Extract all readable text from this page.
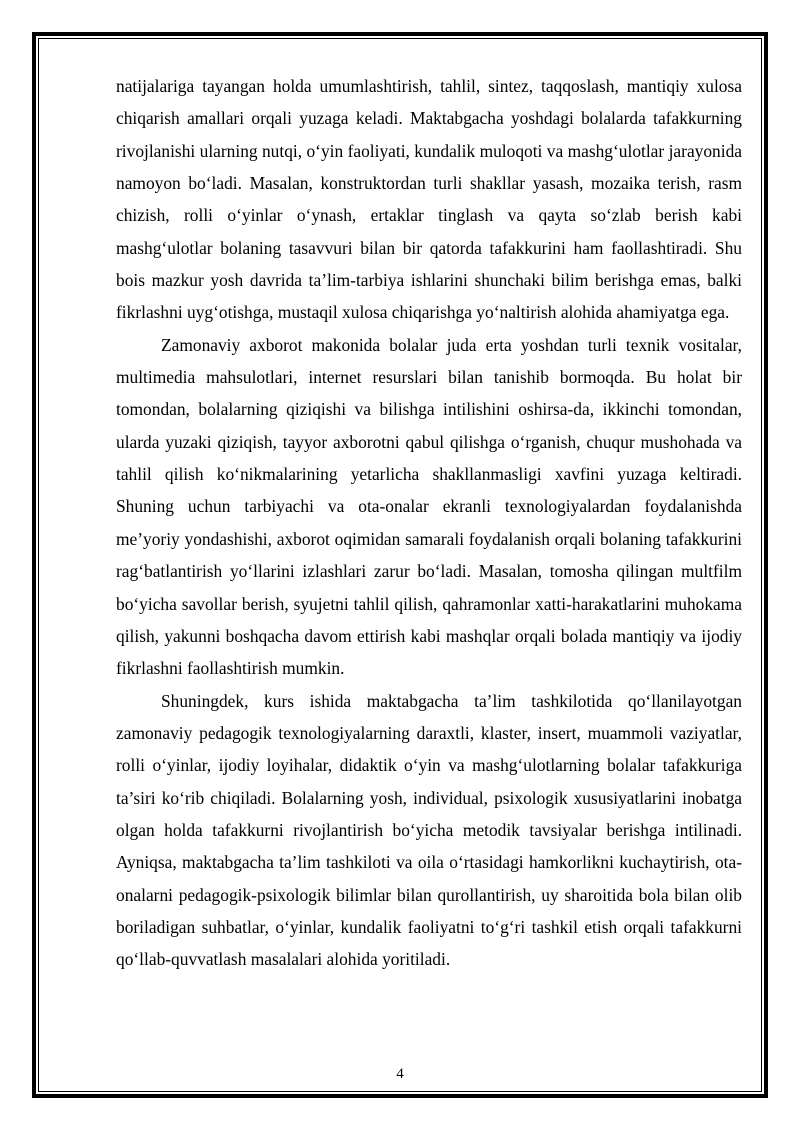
natijalariga tayangan holda umumlashtirish, tahlil, sintez, taqqoslash, mantiqiy xulosa chiqarish amallari orqali yuzaga keladi. Maktabgacha yoshdagi bolalarda tafakkurning rivojlanishi ularning nutqi, o‘yin faoliyati, kundalik muloqoti va mashg‘ulotlar jarayonida namoyon bo‘ladi. Masalan, konstruktordan turli shakllar yasash, mozaika terish, rasm chizish, rolli o‘yinlar o‘ynash, ertaklar tinglash va qayta so‘zlab berish kabi mashg‘ulotlar bolaning tasavvuri bilan bir qatorda tafakkurini ham faollashtiradi. Shu bois mazkur yosh davrida ta’lim-tarbiya ishlarini shunchaki bilim berishga emas, balki fikrlashni uyg‘otishga, mustaqil xulosa chiqarishga yo‘naltirish alohida ahamiyatga ega.

Zamonaviy axborot makonida bolalar juda erta yoshdan turli texnik vositalar, multimedia mahsulotlari, internet resurslari bilan tanishib bormoqda. Bu holat bir tomondan, bolalarning qiziqishi va bilishga intilishini oshirsa-da, ikkinchi tomondan, ularda yuzaki qiziqish, tayyor axborotni qabul qilishga o‘rganish, chuqur mushohada va tahlil qilish ko‘nikmalarining yetarlicha shakllanmasligi xavfini yuzaga keltiradi. Shuning uchun tarbiyachi va ota-onalar ekranli texnologiyalardan foydalanishda me’yoriy yondashishi, axborot oqimidan samarali foydalanish orqali bolaning tafakkurini rag‘batlantirish yo‘llarini izlashlari zarur bo‘ladi. Masalan, tomosha qilingan multfilm bo‘yicha savollar berish, syujetni tahlil qilish, qahramonlar xatti-harakatlarini muhokama qilish, yakunni boshqacha davom ettirish kabi mashqlar orqali bolada mantiqiy va ijodiy fikrlashni faollashtirish mumkin.

Shuningdek, kurs ishida maktabgacha ta’lim tashkilotida qo‘llanilayotgan zamonaviy pedagogik texnologiyalarning daraxtli, klaster, insert, muammoli vaziyatlar, rolli o‘yinlar, ijodiy loyihalar, didaktik o‘yin va mashg‘ulotlarning bolalar tafakkuriga ta’siri ko‘rib chiqiladi. Bolalarning yosh, individual, psixologik xususiyatlarini inobatga olgan holda tafakkurni rivojlantirish bo‘yicha metodik tavsiyalar berishga intilinadi. Ayniqsa, maktabgacha ta’lim tashkiloti va oila o‘rtasidagi hamkorlikni kuchaytirish, ota-onalarni pedagogik-psixologik bilimlar bilan qurollantirish, uy sharoitida bola bilan olib boriladigan suhbatlar, o‘yinlar, kundalik faoliyatni to‘g‘ri tashkil etish orqali tafakkurni qo‘llab-quvvatlash masalalari alohida yoritiladi.

4
